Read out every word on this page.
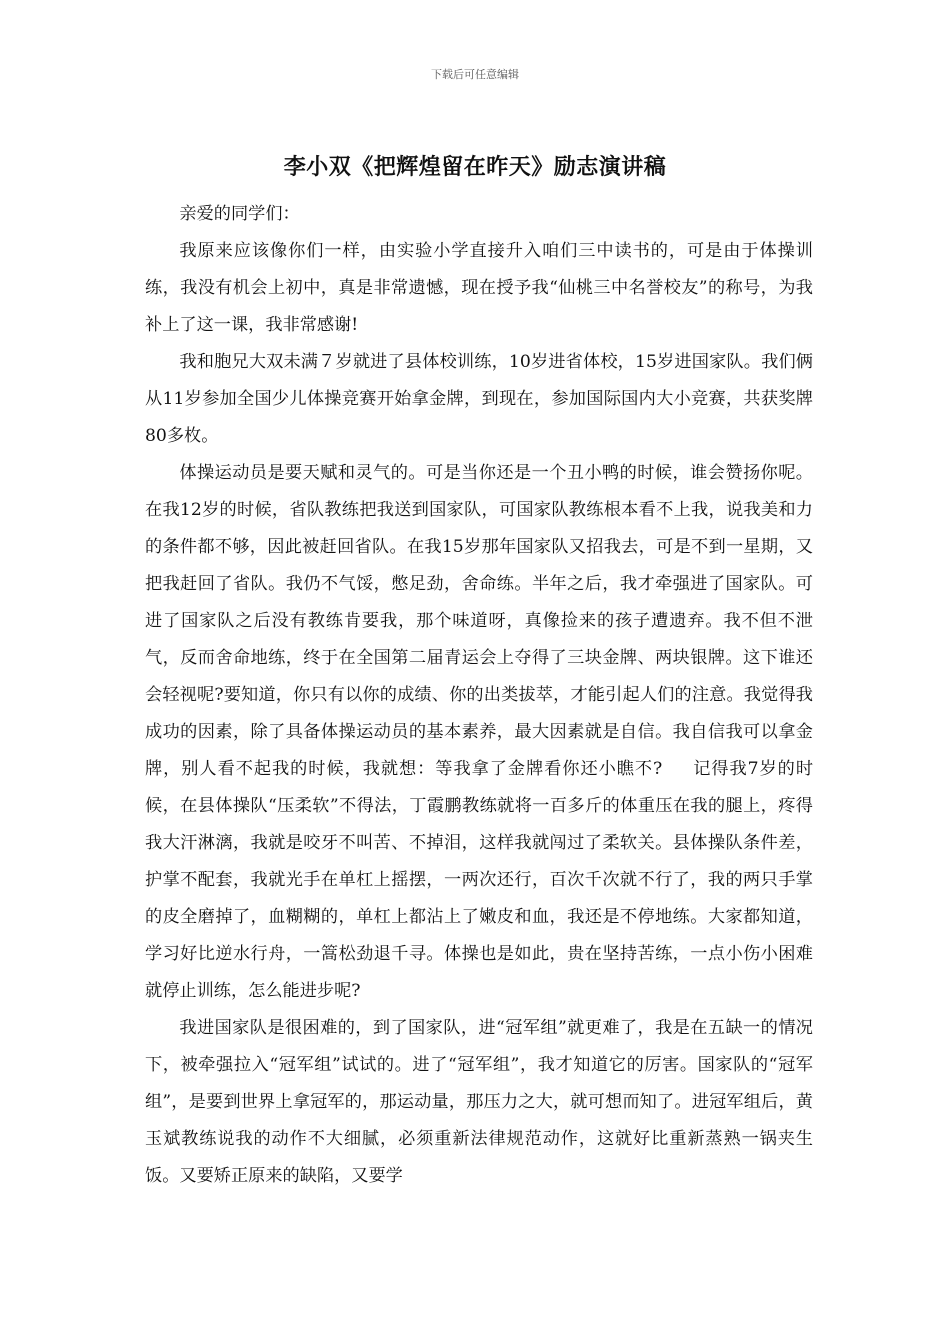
下载后可任意编辑
李小双《把辉煌留在昨天》励志演讲稿

亲爱的同学们：

我原来应该像你们一样，由实验小学直接升入咱们三中读书的，可是由于体操训练，我没有机会上初中，真是非常遗憾，现在授予我“仙桃三中名誉校友”的称号，为我补上了这一课，我非常感谢!

我和胞兄大双未满７岁就进了县体校训练，10岁进省体校，15岁进国家队。我们俩从11岁参加全国少儿体操竞赛开始拿金牌，到现在，参加国际国内大小竞赛，共获奖牌80多枚。

体操运动员是要天赋和灵气的。可是当你还是一个丑小鸭的时候，谁会赞扬你呢。在我12岁的时候，省队教练把我送到国家队，可国家队教练根本看不上我，说我美和力的条件都不够，因此被赶回省队。在我15岁那年国家队又招我去，可是不到一星期，又把我赶回了省队。我仍不气馁，憋足劲，舍命练。半年之后，我才牵强进了国家队。可进了国家队之后没有教练肯要我，那个味道呀，真像捡来的孩子遭遗弃。我不但不泄气，反而舍命地练，终于在全国第二届青运会上夺得了三块金牌、两块银牌。这下谁还会轻视呢?要知道，你只有以你的成绩、你的出类拔萃，才能引起人们的注意。我觉得我成功的因素，除了具备体操运动员的基本素养，最大因素就是自信。我自信我可以拿金牌，别人看不起我的时候，我就想：等我拿了金牌看你还小瞧不? 记得我7岁的时候，在县体操队“压柔软”不得法，丁霞鹏教练就将一百多斤的体重压在我的腿上，疼得我大汗淋漓，我就是咬牙不叫苦、不掉泪，这样我就闯过了柔软关。县体操队条件差，护掌不配套，我就光手在单杠上摇摆，一两次还行，百次千次就不行了，我的两只手掌的皮全磨掉了，血糊糊的，单杠上都沾上了嫩皮和血，我还是不停地练。大家都知道，学习好比逆水行舟，一篙松劲退千寻。体操也是如此，贵在坚持苦练，一点小伤小困难就停止训练，怎么能进步呢?

我进国家队是很困难的，到了国家队，进“冠军组”就更难了，我是在五缺一的情况下，被牵强拉入“冠军组”试试的。进了“冠军组”，我才知道它的厉害。国家队的“冠军组”，是要到世界上拿冠军的，那运动量，那压力之大，就可想而知了。进冠军组后，黄玉斌教练说我的动作不大细腻，必须重新法律规范动作，这就好比重新蒸熟一锅夹生饭。又要矫正原来的缺陷，又要学
